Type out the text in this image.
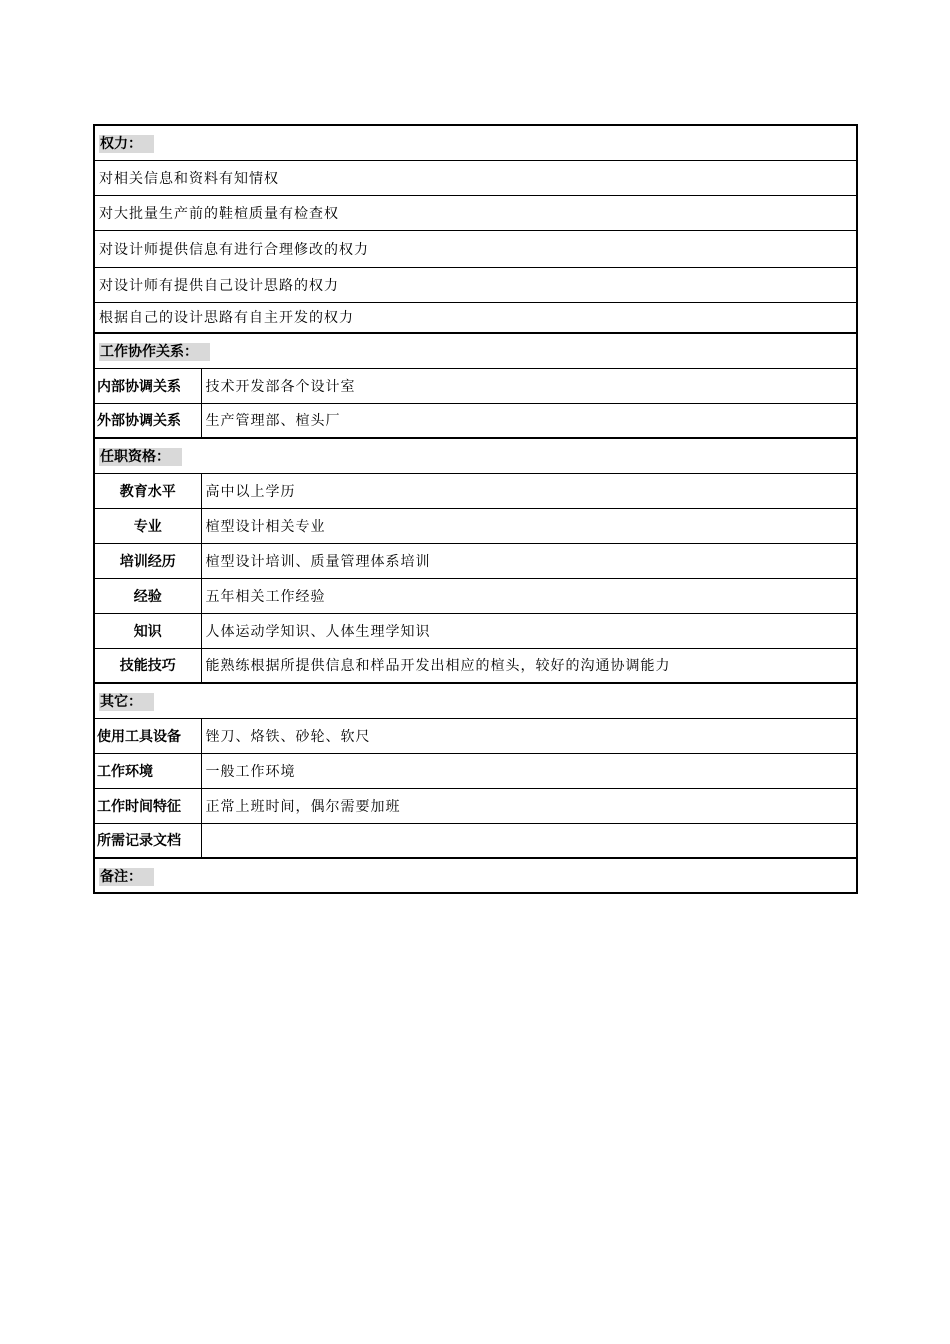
权力：	
对相关信息和资料有知情权	
对大批量生产前的鞋楦质量有检查权	
对设计师提供信息有进行合理修改的权力	
对设计师有提供自己设计思路的权力	
根据自己的设计思路有自主开发的权力	
工作协作关系：	
内部协调关系	技术开发部各个设计室
外部协调关系	生产管理部、楦头厂
任职资格：	
教育水平	高中以上学历
专业	楦型设计相关专业
培训经历	楦型设计培训、质量管理体系培训
经验	五年相关工作经验
知识	人体运动学知识、人体生理学知识
技能技巧	能熟练根据所提供信息和样品开发出相应的楦头，较好的沟通协调能力
其它：	
使用工具设备	锉刀、烙铁、砂轮、软尺
工作环境	一般工作环境
工作时间特征	正常上班时间，偶尔需要加班
所需记录文档	
备注：	
